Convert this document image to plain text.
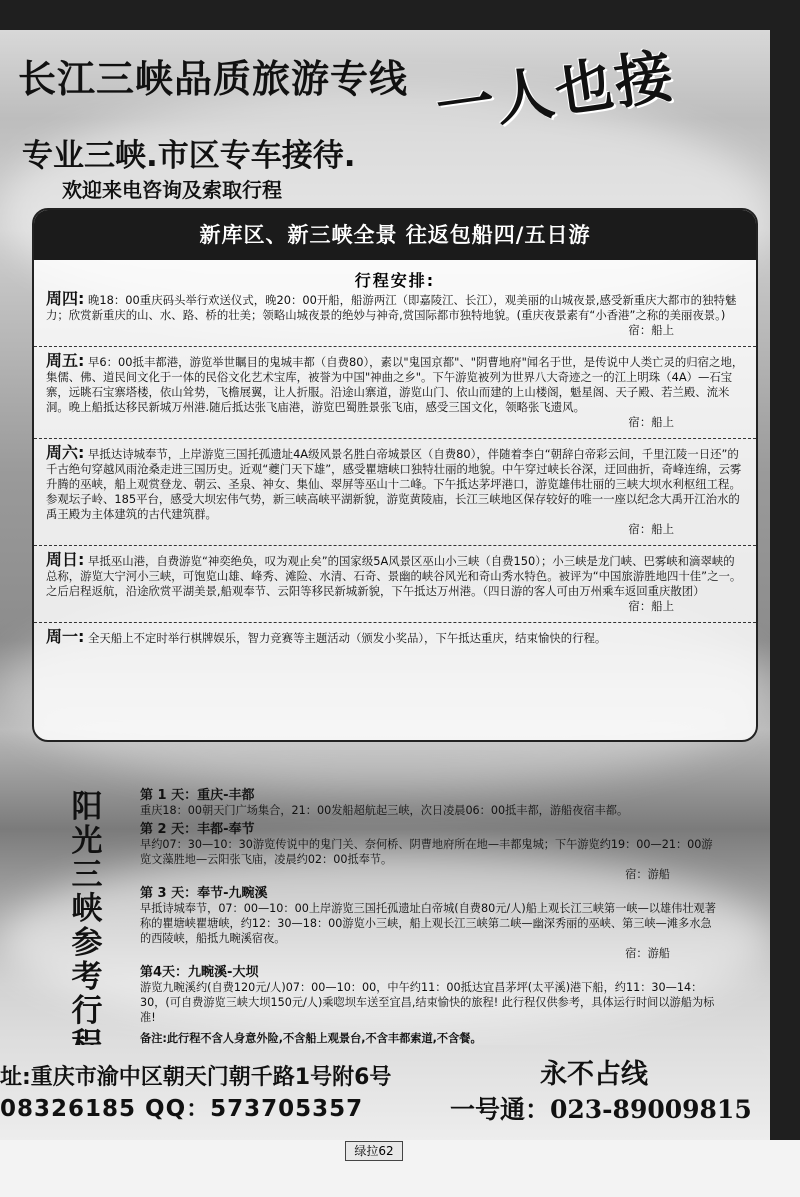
长江三峡品质旅游专线 一人也接
专业三峡.市区专车接待.
欢迎来电咨询及索取行程
新库区、新三峡全景 往返包船四/五日游
行程安排:
周四: 晚18：00重庆码头举行欢送仪式，晚20：00开船，船游两江（即嘉陵江、长江），观美丽的山城夜景,感受新重庆大都市的独特魅力；欣赏新重庆的山、水、路、桥的壮美；领略山城夜景的绝妙与神奇,赏国际都市独特地貌。(重庆夜景素有“小香港”之称的美丽夜景。)
宿：船上
周五: 早6：00抵丰都港，游览举世瞩目的鬼城丰都（自费80），素以"鬼国京都"、"阴曹地府"闻名于世，是传说中人类亡灵的归宿之地，集儒、佛、道民间文化于一体的民俗文化艺术宝库，被誉为中国"神曲之乡"。下午游览被列为世界八大奇迹之一的江上明珠（4A）—石宝寨，远眺石宝寨塔楼，依山耸势，飞檐展翼，让人折服。沿途山寨道，游览山门、依山而建的上山楼阁，魁星阁、天子殿、若兰殿、流米洞。晚上船抵达移民新城万州港.随后抵达张飞庙港，游览巴蜀胜景张飞庙，感受三国文化，领略张飞遗风。
宿：船上
周六: 早抵达诗城奉节，上岸游览三国托孤遗址4A级风景名胜白帝城景区（自费80），伴随着李白“朝辞白帝彩云间，千里江陵一日还”的千古绝句穿越风雨沧桑走进三国历史。近观“夔门天下雄”，感受瞿塘峡口独特壮丽的地貌。中午穿过峡长谷深，迂回曲折，奇峰连绵，云雾升腾的巫峡，船上观赏登龙、朝云、圣泉、神女、集仙、翠屏等巫山十二峰。下午抵达茅坪港口，游览雄伟壮丽的三峡大坝水利枢纽工程。参观坛子岭、185平台，感受大坝宏伟气势，新三峡高峡平湖新貌，游览黄陵庙，长江三峡地区保存较好的唯一一座以纪念大禹开江治水的禹王殿为主体建筑的古代建筑群。
宿：船上
周日: 早抵巫山港，自费游览“神奕绝奂，叹为观止矣”的国家级5A风景区巫山小三峡（自费150）；小三峡是龙门峡、巴雾峡和滴翠峡的总称，游览大宁河小三峡，可饱览山雄、峰秀、滩险、水清、石奇、景幽的峡谷风光和奇山秀水特色。被评为“中国旅游胜地四十佳”之一。之后启程返航，沿途欣赏平湖美景,船观奉节、云阳等移民新城新貌，下午抵达万州港。（四日游的客人可由万州乘车返回重庆散团）
宿：船上
周一: 全天船上不定时举行棋牌娱乐，智力竞赛等主题活动（颁发小奖品），下午抵达重庆，结束愉快的行程。
阳光三峡参考行
第 1 天：重庆-丰都
重庆18：00朝天门广场集合，21：00发船超航起三峡，次日凌晨06：00抵丰都，游船夜宿丰都。
第 2 天：丰都-奉节
早约07：30—10：30游览传说中的鬼门关、奈何桥、阴曹地府所在地—丰都鬼城；下午游览约19：00—21：00游览文藻胜地—云阳张飞庙，凌晨约02：00抵奉节。
宿：游船
第 3 天：奉节-九畹溪
早抵诗城奉节，07：00—10：00上岸游览三国托孤遗址白帝城(自费80元/人)船上观长江三峡第一峡—以雄伟壮观著称的瞿塘峡瞿塘峡，约12：30—18：00游览小三峡，船上观长江三峡第二峡—幽深秀丽的巫峡、第三峡—滩多水急的西陵峡，船抵九畹溪宿夜。
宿：游船
第4天：九畹溪-大坝
游览九畹溪约(自费120元/人)07：00—10：00，中午约11：00抵达宜昌茅坪(太平溪)港下船，约11：30—14：30，(可自费游览三峡大坝150元/人)乘唿坝车送至宜昌,结束愉快的旅程! 此行程仅供参考，具体运行时间以游船为标准!
备注:此行程不含人身意外险,不含船上观景台,不含丰都索道,不含餐。
址:重庆市渝中区朝天门朝千路1号附6号
08326185 QQ：573705357
永不占线
一号通：023-89009815
绿拉62
